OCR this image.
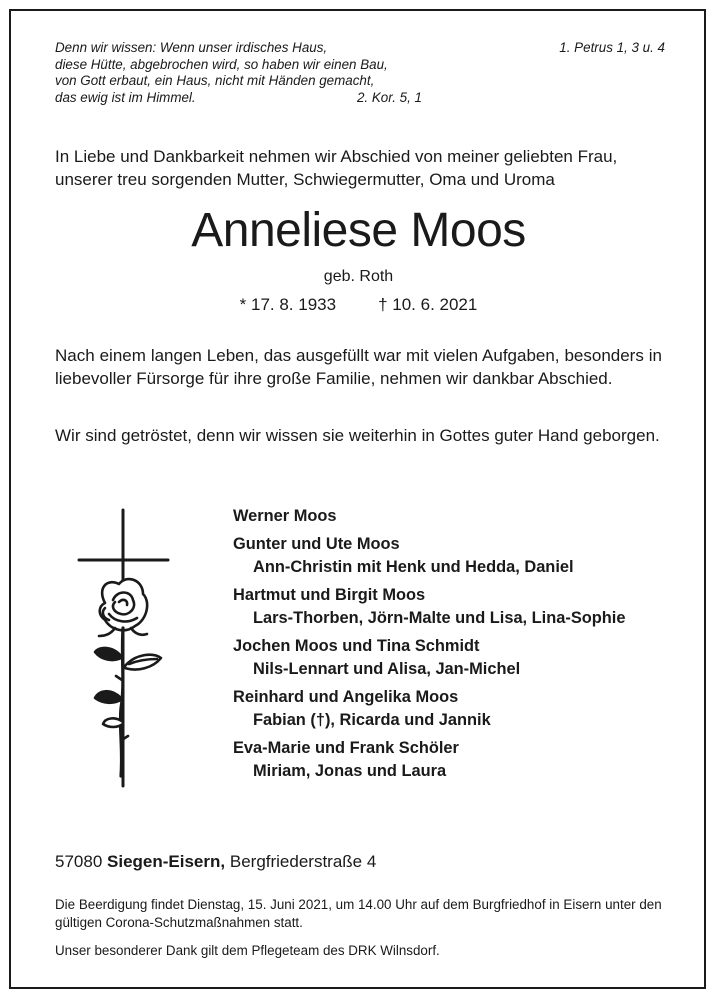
Denn wir wissen: Wenn unser irdisches Haus,
diese Hütte, abgebrochen wird, so haben wir einen Bau,
von Gott erbaut, ein Haus, nicht mit Händen gemacht,
das ewig ist im Himmel.	2. Kor. 5, 1
1. Petrus 1, 3 u. 4
In Liebe und Dankbarkeit nehmen wir Abschied von meiner geliebten Frau,
unserer treu sorgenden Mutter, Schwiegermutter, Oma und Uroma
Anneliese Moos
geb. Roth
* 17. 8. 1933 † 10. 6. 2021
Nach einem langen Leben, das ausgefüllt war mit vielen Aufgaben, besonders in liebevoller Fürsorge für ihre große Familie, nehmen wir dankbar Abschied.
Wir sind getröstet, denn wir wissen sie weiterhin in Gottes guter Hand geborgen.
Werner Moos
Gunter und Ute Moos
Ann-Christin mit Henk und Hedda, Daniel
Hartmut und Birgit Moos
Lars-Thorben, Jörn-Malte und Lisa, Lina-Sophie
Jochen Moos und Tina Schmidt
Nils-Lennart und Alisa, Jan-Michel
Reinhard und Angelika Moos
Fabian (†), Ricarda und Jannik
Eva-Marie und Frank Schöler
Miriam, Jonas und Laura
57080 Siegen-Eisern, Bergfriederstraße 4
Die Beerdigung findet Dienstag, 15. Juni 2021, um 14.00 Uhr auf dem Burgfriedhof in Eisern unter den gültigen Corona-Schutzmaßnahmen statt.
Unser besonderer Dank gilt dem Pflegeteam des DRK Wilnsdorf.
